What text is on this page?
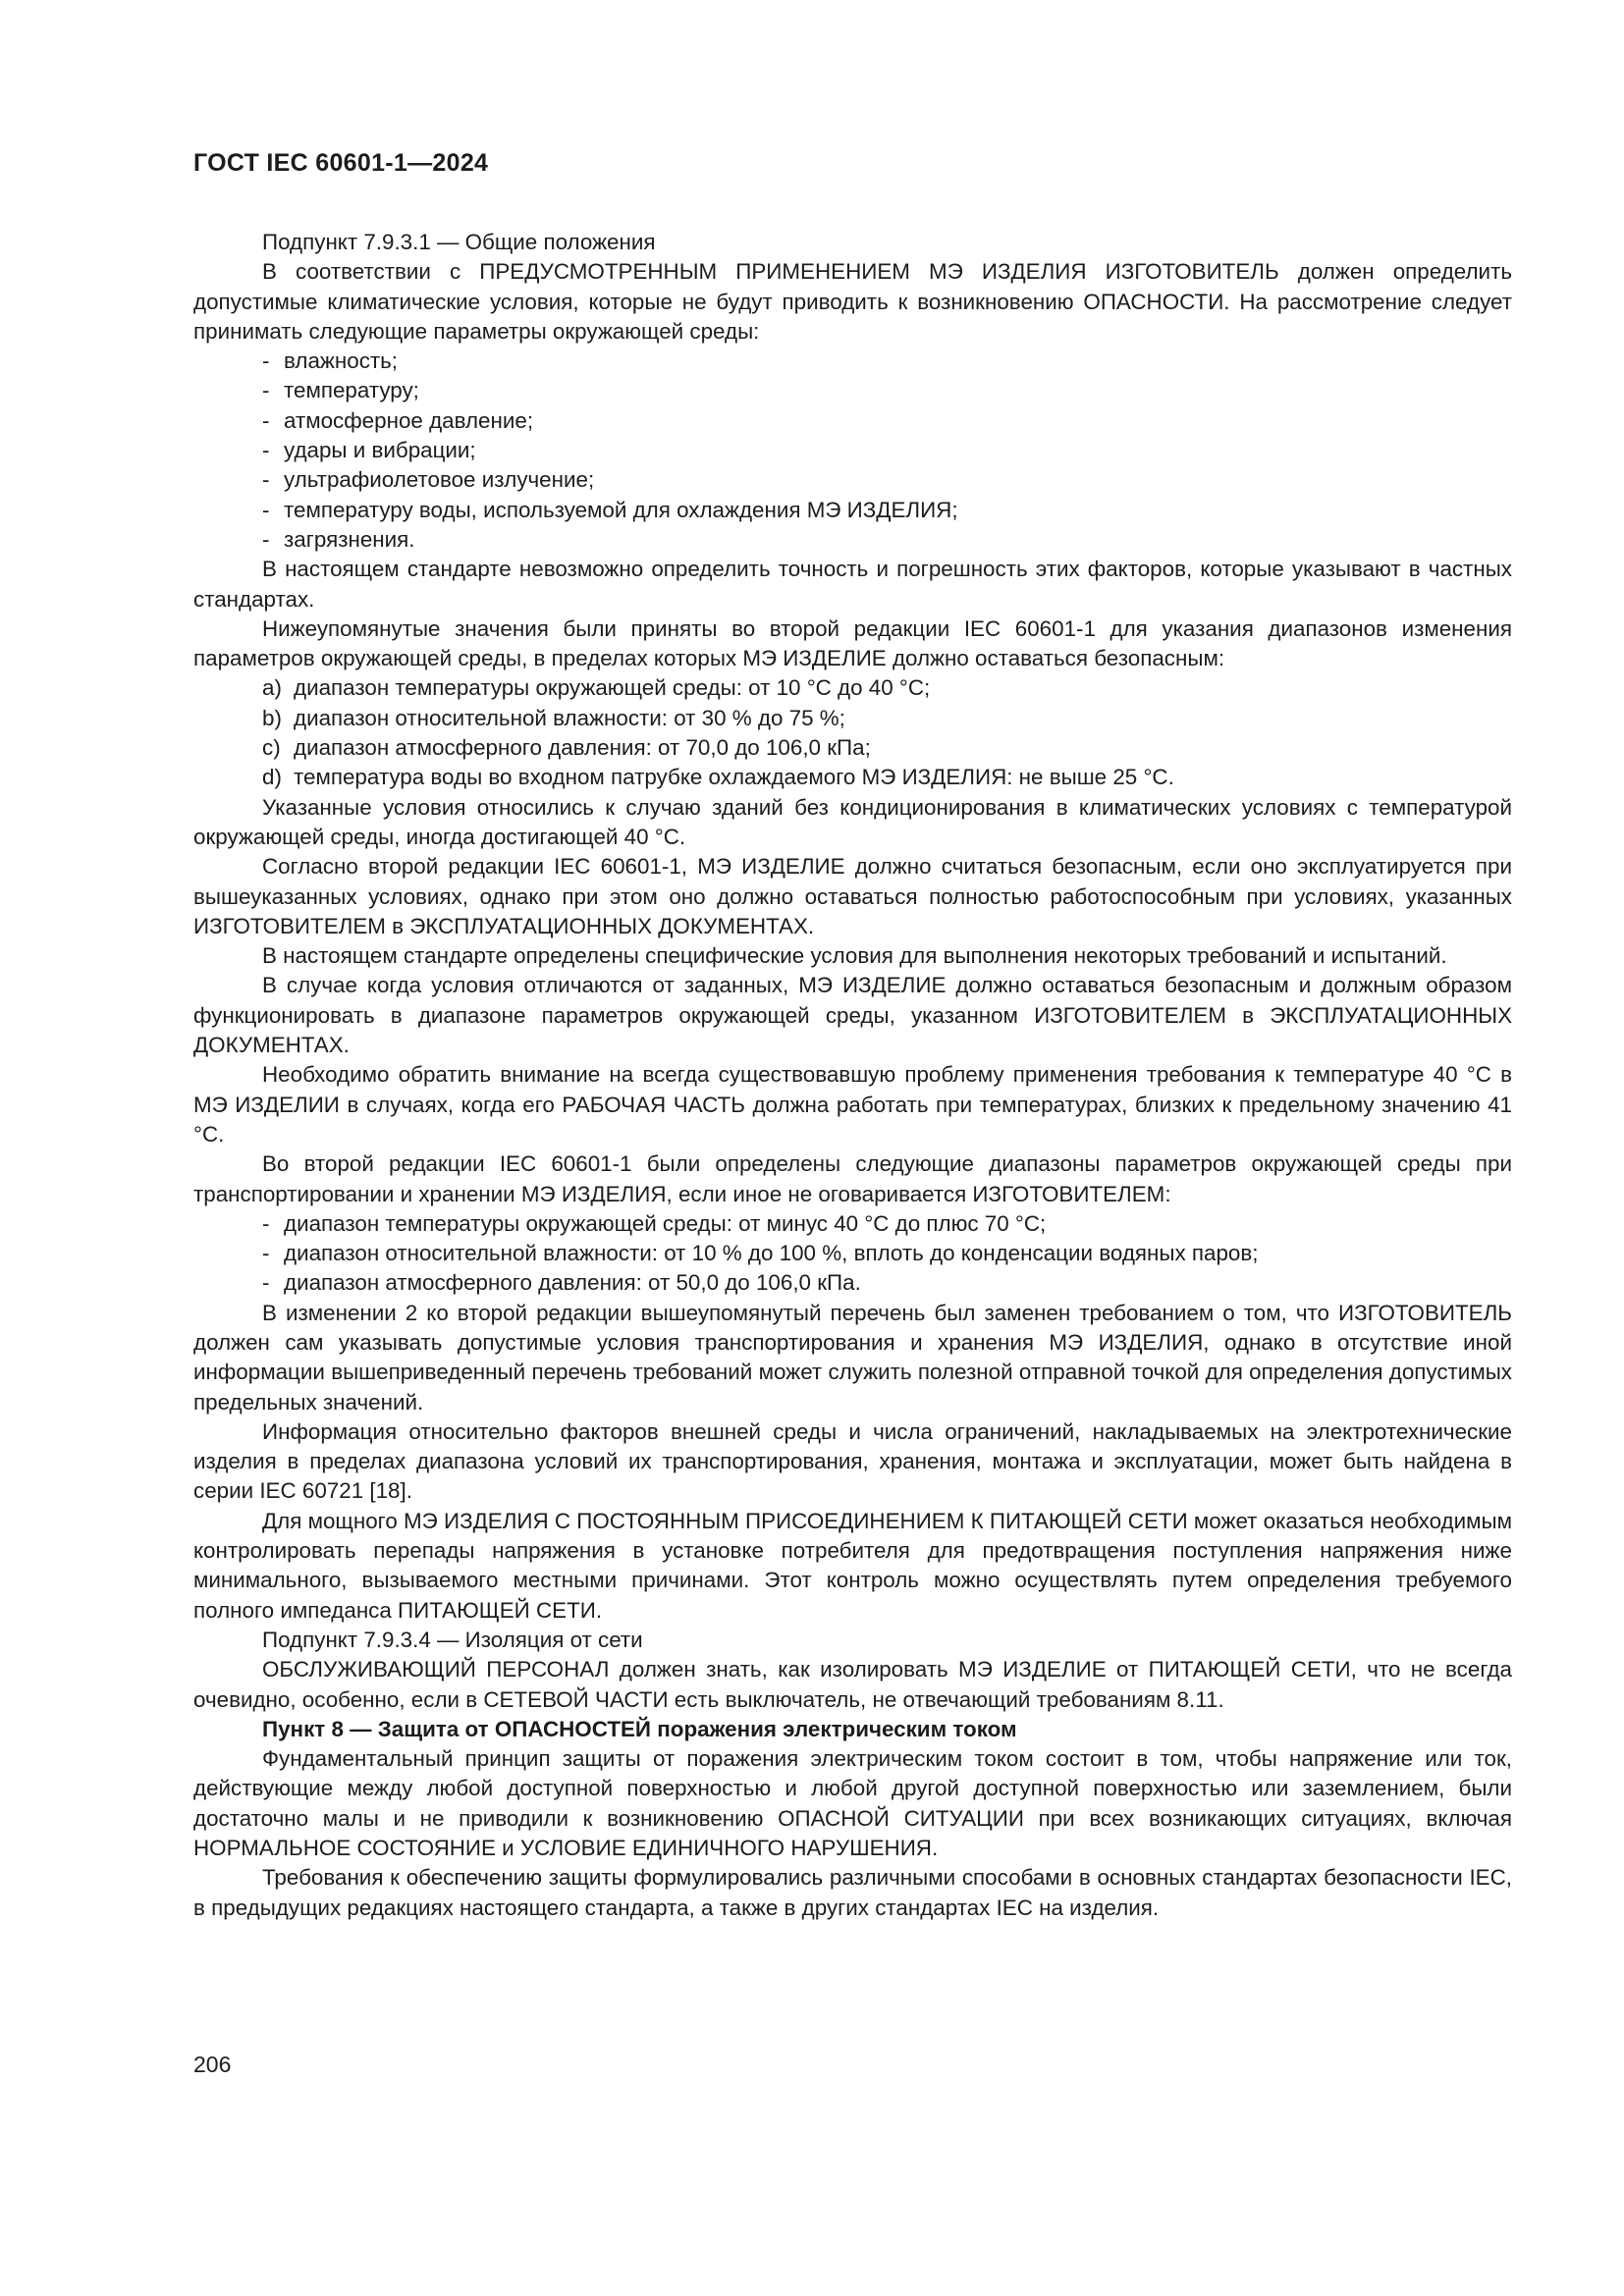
ГОСТ IEC 60601-1—2024

Подпункт 7.9.3.1 — Общие положения

В соответствии с ПРЕДУСМОТРЕННЫМ ПРИМЕНЕНИЕМ МЭ ИЗДЕЛИЯ ИЗГОТОВИТЕЛЬ должен определить допустимые климатические условия, которые не будут приводить к возникновению ОПАСНОСТИ. На рассмотрение следует принимать следующие параметры окружающей среды:

- влажность;
- температуру;
- атмосферное давление;
- удары и вибрации;
- ультрафиолетовое излучение;
- температуру воды, используемой для охлаждения МЭ ИЗДЕЛИЯ;
- загрязнения.

В настоящем стандарте невозможно определить точность и погрешность этих факторов, которые указывают в частных стандартах.

Нижеупомянутые значения были приняты во второй редакции IEC 60601-1 для указания диапазонов изменения параметров окружающей среды, в пределах которых МЭ ИЗДЕЛИЕ должно оставаться безопасным:

a) диапазон температуры окружающей среды: от 10 °C до 40 °C;
b) диапазон относительной влажности: от 30 % до 75 %;
c) диапазон атмосферного давления: от 70,0 до 106,0 кПа;
d) температура воды во входном патрубке охлаждаемого МЭ ИЗДЕЛИЯ: не выше 25 °C.

Указанные условия относились к случаю зданий без кондиционирования в климатических условиях с температурой окружающей среды, иногда достигающей 40 °C.

Согласно второй редакции IEC 60601-1, МЭ ИЗДЕЛИЕ должно считаться безопасным, если оно эксплуатируется при вышеуказанных условиях, однако при этом оно должно оставаться полностью работоспособным при условиях, указанных ИЗГОТОВИТЕЛЕМ в ЭКСПЛУАТАЦИОННЫХ ДОКУМЕНТАХ.

В настоящем стандарте определены специфические условия для выполнения некоторых требований и испытаний.

В случае когда условия отличаются от заданных, МЭ ИЗДЕЛИЕ должно оставаться безопасным и должным образом функционировать в диапазоне параметров окружающей среды, указанном ИЗГОТОВИТЕЛЕМ в ЭКСПЛУАТАЦИОННЫХ ДОКУМЕНТАХ.

Необходимо обратить внимание на всегда существовавшую проблему применения требования к температуре 40 °C в МЭ ИЗДЕЛИИ в случаях, когда его РАБОЧАЯ ЧАСТЬ должна работать при температурах, близких к предельному значению 41 °C.

Во второй редакции IEC 60601-1 были определены следующие диапазоны параметров окружающей среды при транспортировании и хранении МЭ ИЗДЕЛИЯ, если иное не оговаривается ИЗГОТОВИТЕЛЕМ:

- диапазон температуры окружающей среды: от минус 40 °C до плюс 70 °C;
- диапазон относительной влажности: от 10 % до 100 %, вплоть до конденсации водяных паров;
- диапазон атмосферного давления: от 50,0 до 106,0 кПа.

В изменении 2 ко второй редакции вышеупомянутый перечень был заменен требованием о том, что ИЗГОТОВИТЕЛЬ должен сам указывать допустимые условия транспортирования и хранения МЭ ИЗДЕЛИЯ, однако в отсутствие иной информации вышеприведенный перечень требований может служить полезной отправной точкой для определения допустимых предельных значений.

Информация относительно факторов внешней среды и числа ограничений, накладываемых на электротехнические изделия в пределах диапазона условий их транспортирования, хранения, монтажа и эксплуатации, может быть найдена в серии IEC 60721 [18].

Для мощного МЭ ИЗДЕЛИЯ С ПОСТОЯННЫМ ПРИСОЕДИНЕНИЕМ К ПИТАЮЩЕЙ СЕТИ может оказаться необходимым контролировать перепады напряжения в установке потребителя для предотвращения поступления напряжения ниже минимального, вызываемого местными причинами. Этот контроль можно осуществлять путем определения требуемого полного импеданса ПИТАЮЩЕЙ СЕТИ.

Подпункт 7.9.3.4 — Изоляция от сети

ОБСЛУЖИВАЮЩИЙ ПЕРСОНАЛ должен знать, как изолировать МЭ ИЗДЕЛИЕ от ПИТАЮЩЕЙ СЕТИ, что не всегда очевидно, особенно, если в СЕТЕВОЙ ЧАСТИ есть выключатель, не отвечающий требованиям 8.11.

Пункт 8 — Защита от ОПАСНОСТЕЙ поражения электрическим током

Фундаментальный принцип защиты от поражения электрическим током состоит в том, чтобы напряжение или ток, действующие между любой доступной поверхностью и любой другой доступной поверхностью или заземлением, были достаточно малы и не приводили к возникновению ОПАСНОЙ СИТУАЦИИ при всех возникающих ситуациях, включая НОРМАЛЬНОЕ СОСТОЯНИЕ и УСЛОВИЕ ЕДИНИЧНОГО НАРУШЕНИЯ.

Требования к обеспечению защиты формулировались различными способами в основных стандартах безопасности IEC, в предыдущих редакциях настоящего стандарта, а также в других стандартах IEC на изделия.

206
